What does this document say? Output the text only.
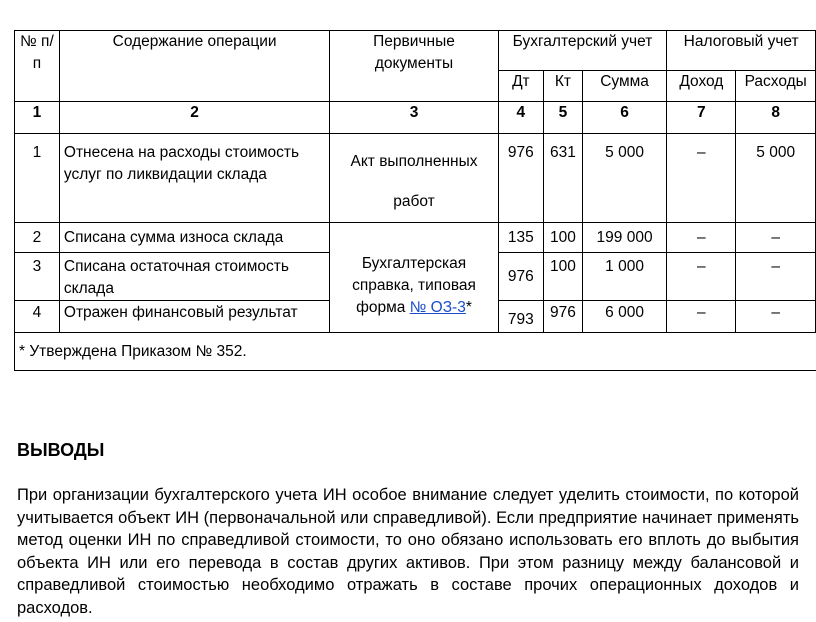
№ п/п	Содержание операции	Первичные документы	Бухгалтерский учет			Налоговый учет	
			Дт	Кт	Сумма	Доход	Расходы
1	2	3	4	5	6	7	8
1	Отнесена на расходы стоимость услуг по ликвидации склада	Акт выполненных работ	976	631	5 000	–	5 000
2	Списана сумма износа склада	Бухгалтерская справка, типовая форма № ОЗ-3*	135	100	199 000	–	–
3	Списана остаточная стоимость склада		976	100	1 000	–	–
4	Отражен финансовый результат		793	976	6 000	–	–
* Утверждена Приказом № 352.							
ВЫВОДЫ

При организации бухгалтерского учета ИН особое внимание следует уделить стоимости, по которой учитывается объект ИН (первоначальной или справедливой). Если предприятие начинает применять метод оценки ИН по справедливой стоимости, то оно обязано использовать его вплоть до выбытия объекта ИН или его перевода в состав других активов. При этом разницу между балансовой и справедливой стоимостью необходимо отражать в составе прочих операционных доходов и расходов.
